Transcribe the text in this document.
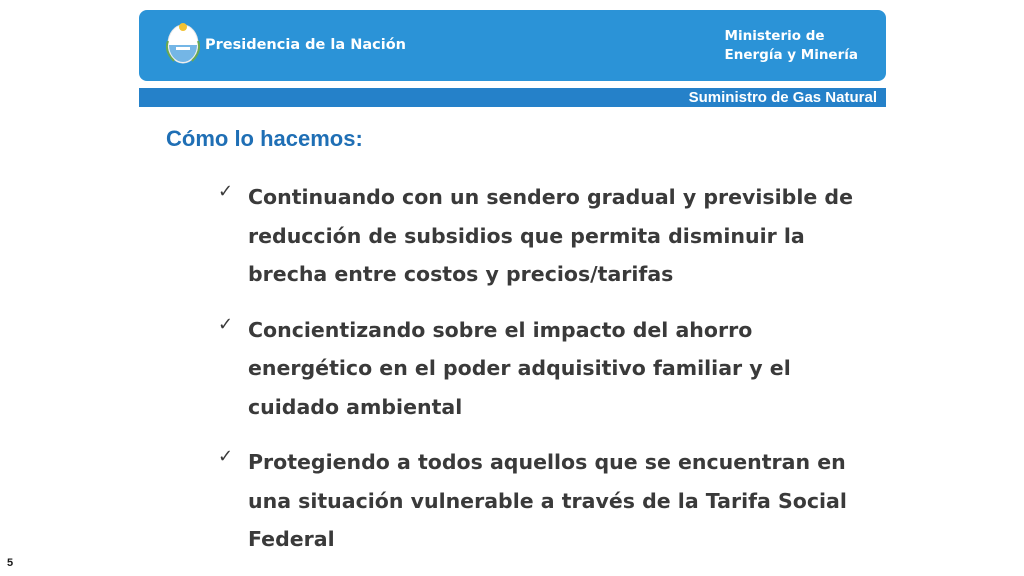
Presidencia de la Nación
Ministerio de
Energía y Minería
Suministro de Gas Natural
Cómo lo hacemos:
✓ Continuando con un sendero gradual y previsible de reducción de subsidios que permita disminuir la brecha entre costos y precios/tarifas
✓ Concientizando sobre el impacto del ahorro energético en el poder adquisitivo familiar y el cuidado ambiental
✓ Protegiendo a todos aquellos que se encuentran en una situación vulnerable a través de la Tarifa Social Federal
5
